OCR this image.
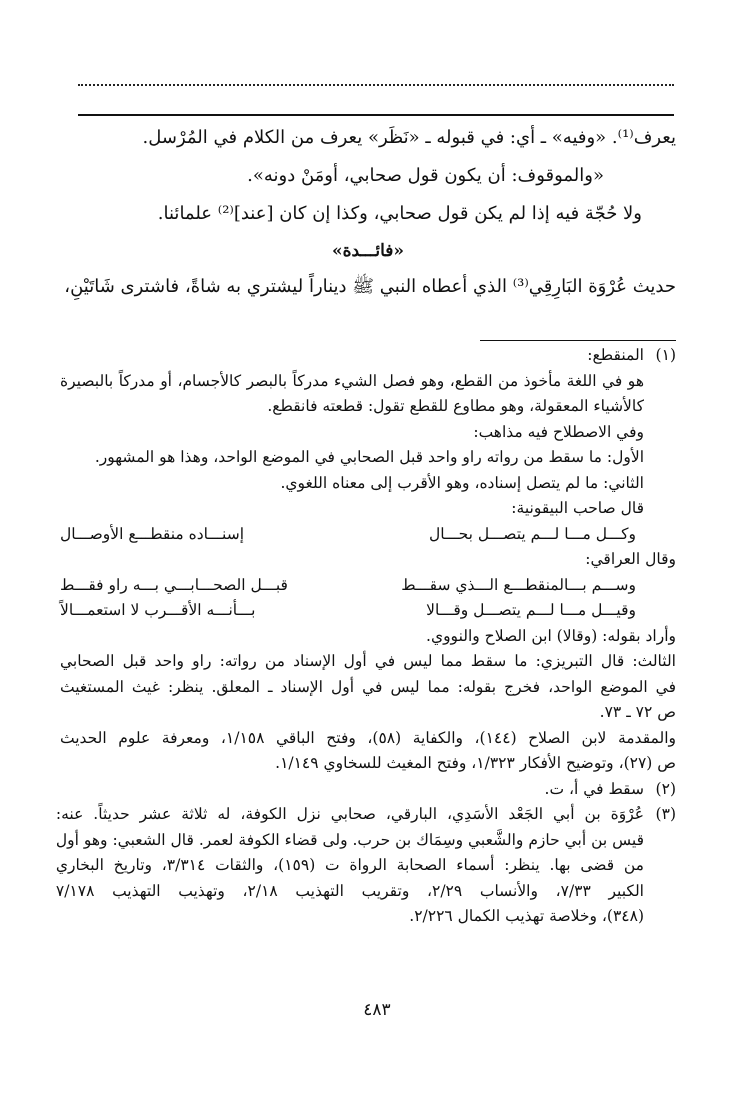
يعرف⁽¹⁾. «وفيه» ـ أي: في قبوله ـ «نَظَر» يعرف من الكلام في المُرْسل.

«والموقوف: أن يكون قول صحابي، أومَنْ دونه».

ولا حُجّة فيه إذا لم يكن قول صحابي، وكذا إن كان [عند]⁽²⁾ علمائنا.

«فائـــدة»

حديث عُرْوَة البَارِقِي⁽³⁾ الذي أعطاه النبي ﷺ ديناراً ليشتري به شاةً، فاشترى شَاتَيْنِ،

(١)
المنقطع:
هو في اللغة مأخوذ من القطع، وهو فصل الشيء مدركاً بالبصر كالأجسام، أو مدركاً بالبصيرة
كالأشياء المعقولة، وهو مطاوع للقطع تقول: قطعته فانقطع.
وفي الاصطلاح فيه مذاهب:
الأول: ما سقط من رواته راو واحد قبل الصحابي في الموضع الواحد، وهذا هو المشهور.
الثاني: ما لم يتصل إسناده، وهو الأقرب إلى معناه اللغوي.
قال صاحب البيقونية:
وكـــل مـــا لـــم يتصـــل بحـــال
إسنـــاده منقطـــع الأوصـــال
وقال العراقي:
وســـم بـــالمنقطـــع الـــذي سقـــط
قبـــل الصحـــابـــي بـــه راو فقـــط
وقيـــل مـــا لـــم يتصـــل وقـــالا
بـــأنـــه الأقـــرب لا استعمـــالاً
وأراد بقوله: (وقالا) ابن الصلاح والنووي.
الثالث: قال التبريزي: ما سقط مما ليس في أول الإسناد من رواته: راو واحد قبل الصحابي
في الموضع الواحد، فخرج بقوله: مما ليس في أول الإسناد ـ المعلق. ينظر: غيث المستغيث
ص ٧٢ ـ ٧٣.
والمقدمة لابن الصلاح (١٤٤)، والكفاية (٥٨)، وفتح الباقي ١/١٥٨، ومعرفة علوم الحديث
ص (٢٧)، وتوضيح الأفكار ١/٣٢٣، وفتح المغيث للسخاوي ١/١٤٩.
(٢)
سقط في أ، ت.
(٣)
عُرْوَة بن أبي الجَعْد الأسَدِي، البارقي، صحابي نزل الكوفة، له ثلاثة عشر حديثاً. عنه:
قيس بن أبي حازم والشَّعبي وسِمَاك بن حرب. ولى قضاء الكوفة لعمر. قال الشعبي: وهو أول
من قضى بها. ينظر: أسماء الصحابة الرواة ت (١٥٩)، والثقات ٣/٣١٤، وتاريخ البخاري
الكبير ٧/٣٣، والأنساب ٢/٢٩، وتقريب التهذيب ٢/١٨، وتهذيب التهذيب ٧/١٧٨
(٣٤٨)، وخلاصة تهذيب الكمال ٢/٢٢٦.
٤٨٣
